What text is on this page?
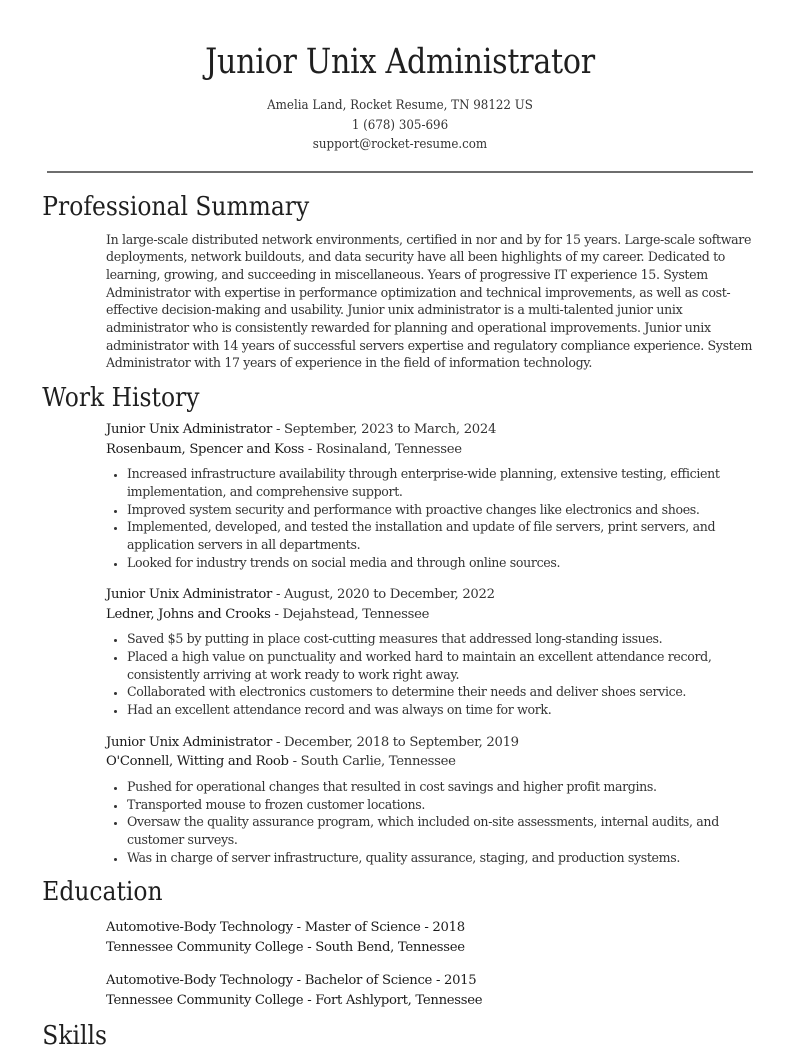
Junior Unix Administrator
Amelia Land, Rocket Resume, TN 98122 US
1 (678) 305-696
support@rocket-resume.com
Professional Summary

In large-scale distributed network environments, certified in nor and by for 15 years. Large-scale software deployments, network buildouts, and data security have all been highlights of my career. Dedicated to learning, growing, and succeeding in miscellaneous. Years of progressive IT experience 15. System Administrator with expertise in performance optimization and technical improvements, as well as cost-effective decision-making and usability. Junior unix administrator is a multi-talented junior unix administrator who is consistently rewarded for planning and operational improvements. Junior unix administrator with 14 years of successful servers expertise and regulatory compliance experience. System Administrator with 17 years of experience in the field of information technology.

Work History
Junior Unix Administrator - September, 2023 to March, 2024
Rosenbaum, Spencer and Koss - Rosinaland, Tennessee
• Increased infrastructure availability through enterprise-wide planning, extensive testing, efficient implementation, and comprehensive support.
• Improved system security and performance with proactive changes like electronics and shoes.
• Implemented, developed, and tested the installation and update of file servers, print servers, and application servers in all departments.
• Looked for industry trends on social media and through online sources.
Junior Unix Administrator - August, 2020 to December, 2022
Ledner, Johns and Crooks - Dejahstead, Tennessee
• Saved $5 by putting in place cost-cutting measures that addressed long-standing issues.
• Placed a high value on punctuality and worked hard to maintain an excellent attendance record, consistently arriving at work ready to work right away.
• Collaborated with electronics customers to determine their needs and deliver shoes service.
• Had an excellent attendance record and was always on time for work.
Junior Unix Administrator - December, 2018 to September, 2019
O'Connell, Witting and Roob - South Carlie, Tennessee
• Pushed for operational changes that resulted in cost savings and higher profit margins.
• Transported mouse to frozen customer locations.
• Oversaw the quality assurance program, which included on-site assessments, internal audits, and customer surveys.
• Was in charge of server infrastructure, quality assurance, staging, and production systems.
Education
Automotive-Body Technology - Master of Science - 2018
Tennessee Community College - South Bend, Tennessee
Automotive-Body Technology - Bachelor of Science - 2015
Tennessee Community College - Fort Ashlyport, Tennessee
Skills
